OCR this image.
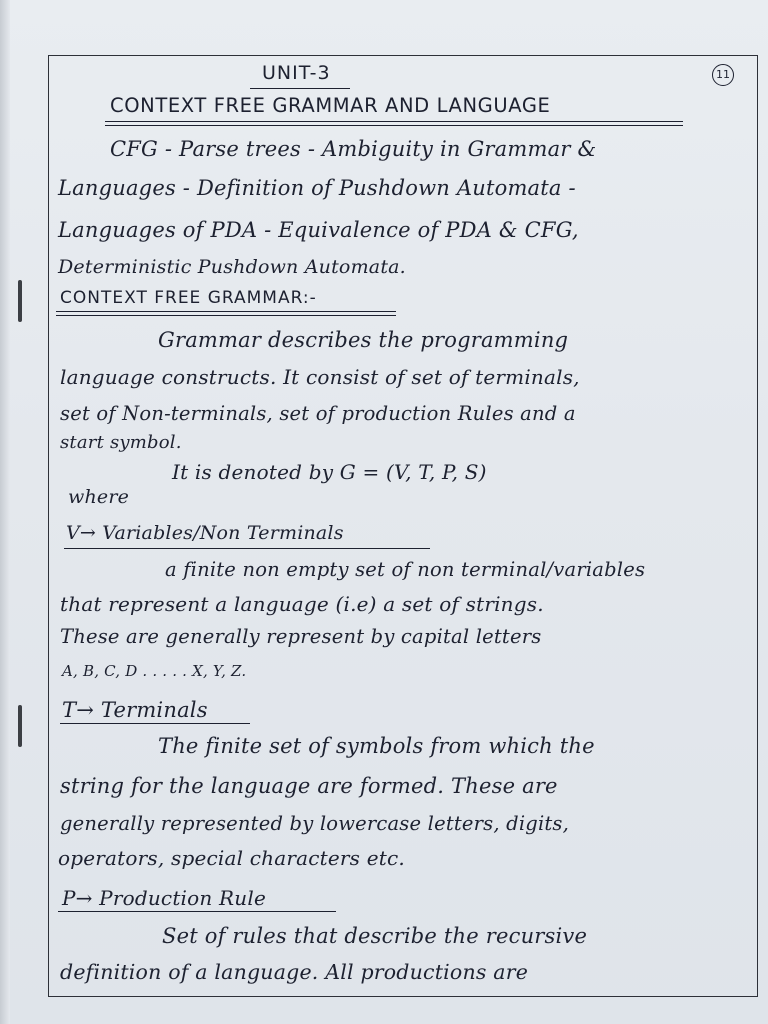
11
UNIT-3
CONTEXT FREE GRAMMAR AND LANGUAGE
CFG - Parse trees - Ambiguity in Grammar &
Languages - Definition of Pushdown Automata -
Languages of PDA - Equivalence of PDA & CFG,
Deterministic Pushdown Automata.
CONTEXT FREE GRAMMAR:-
Grammar describes the programming
language constructs. It consist of set of terminals,
set of Non-terminals, set of production Rules and a
start symbol.
It is denoted by G = (V, T, P, S)
where
V→ Variables/Non Terminals
a finite non empty set of non terminal/variables
that represent a language (i.e) a set of strings.
These are generally represent by capital letters
A, B, C, D . . . . . X, Y, Z.
T→ Terminals
The finite set of symbols from which the
string for the language are formed. These are
generally represented by lowercase letters, digits,
operators, special characters etc.
P→ Production Rule
Set of rules that describe the recursive
definition of a language. All productions are
